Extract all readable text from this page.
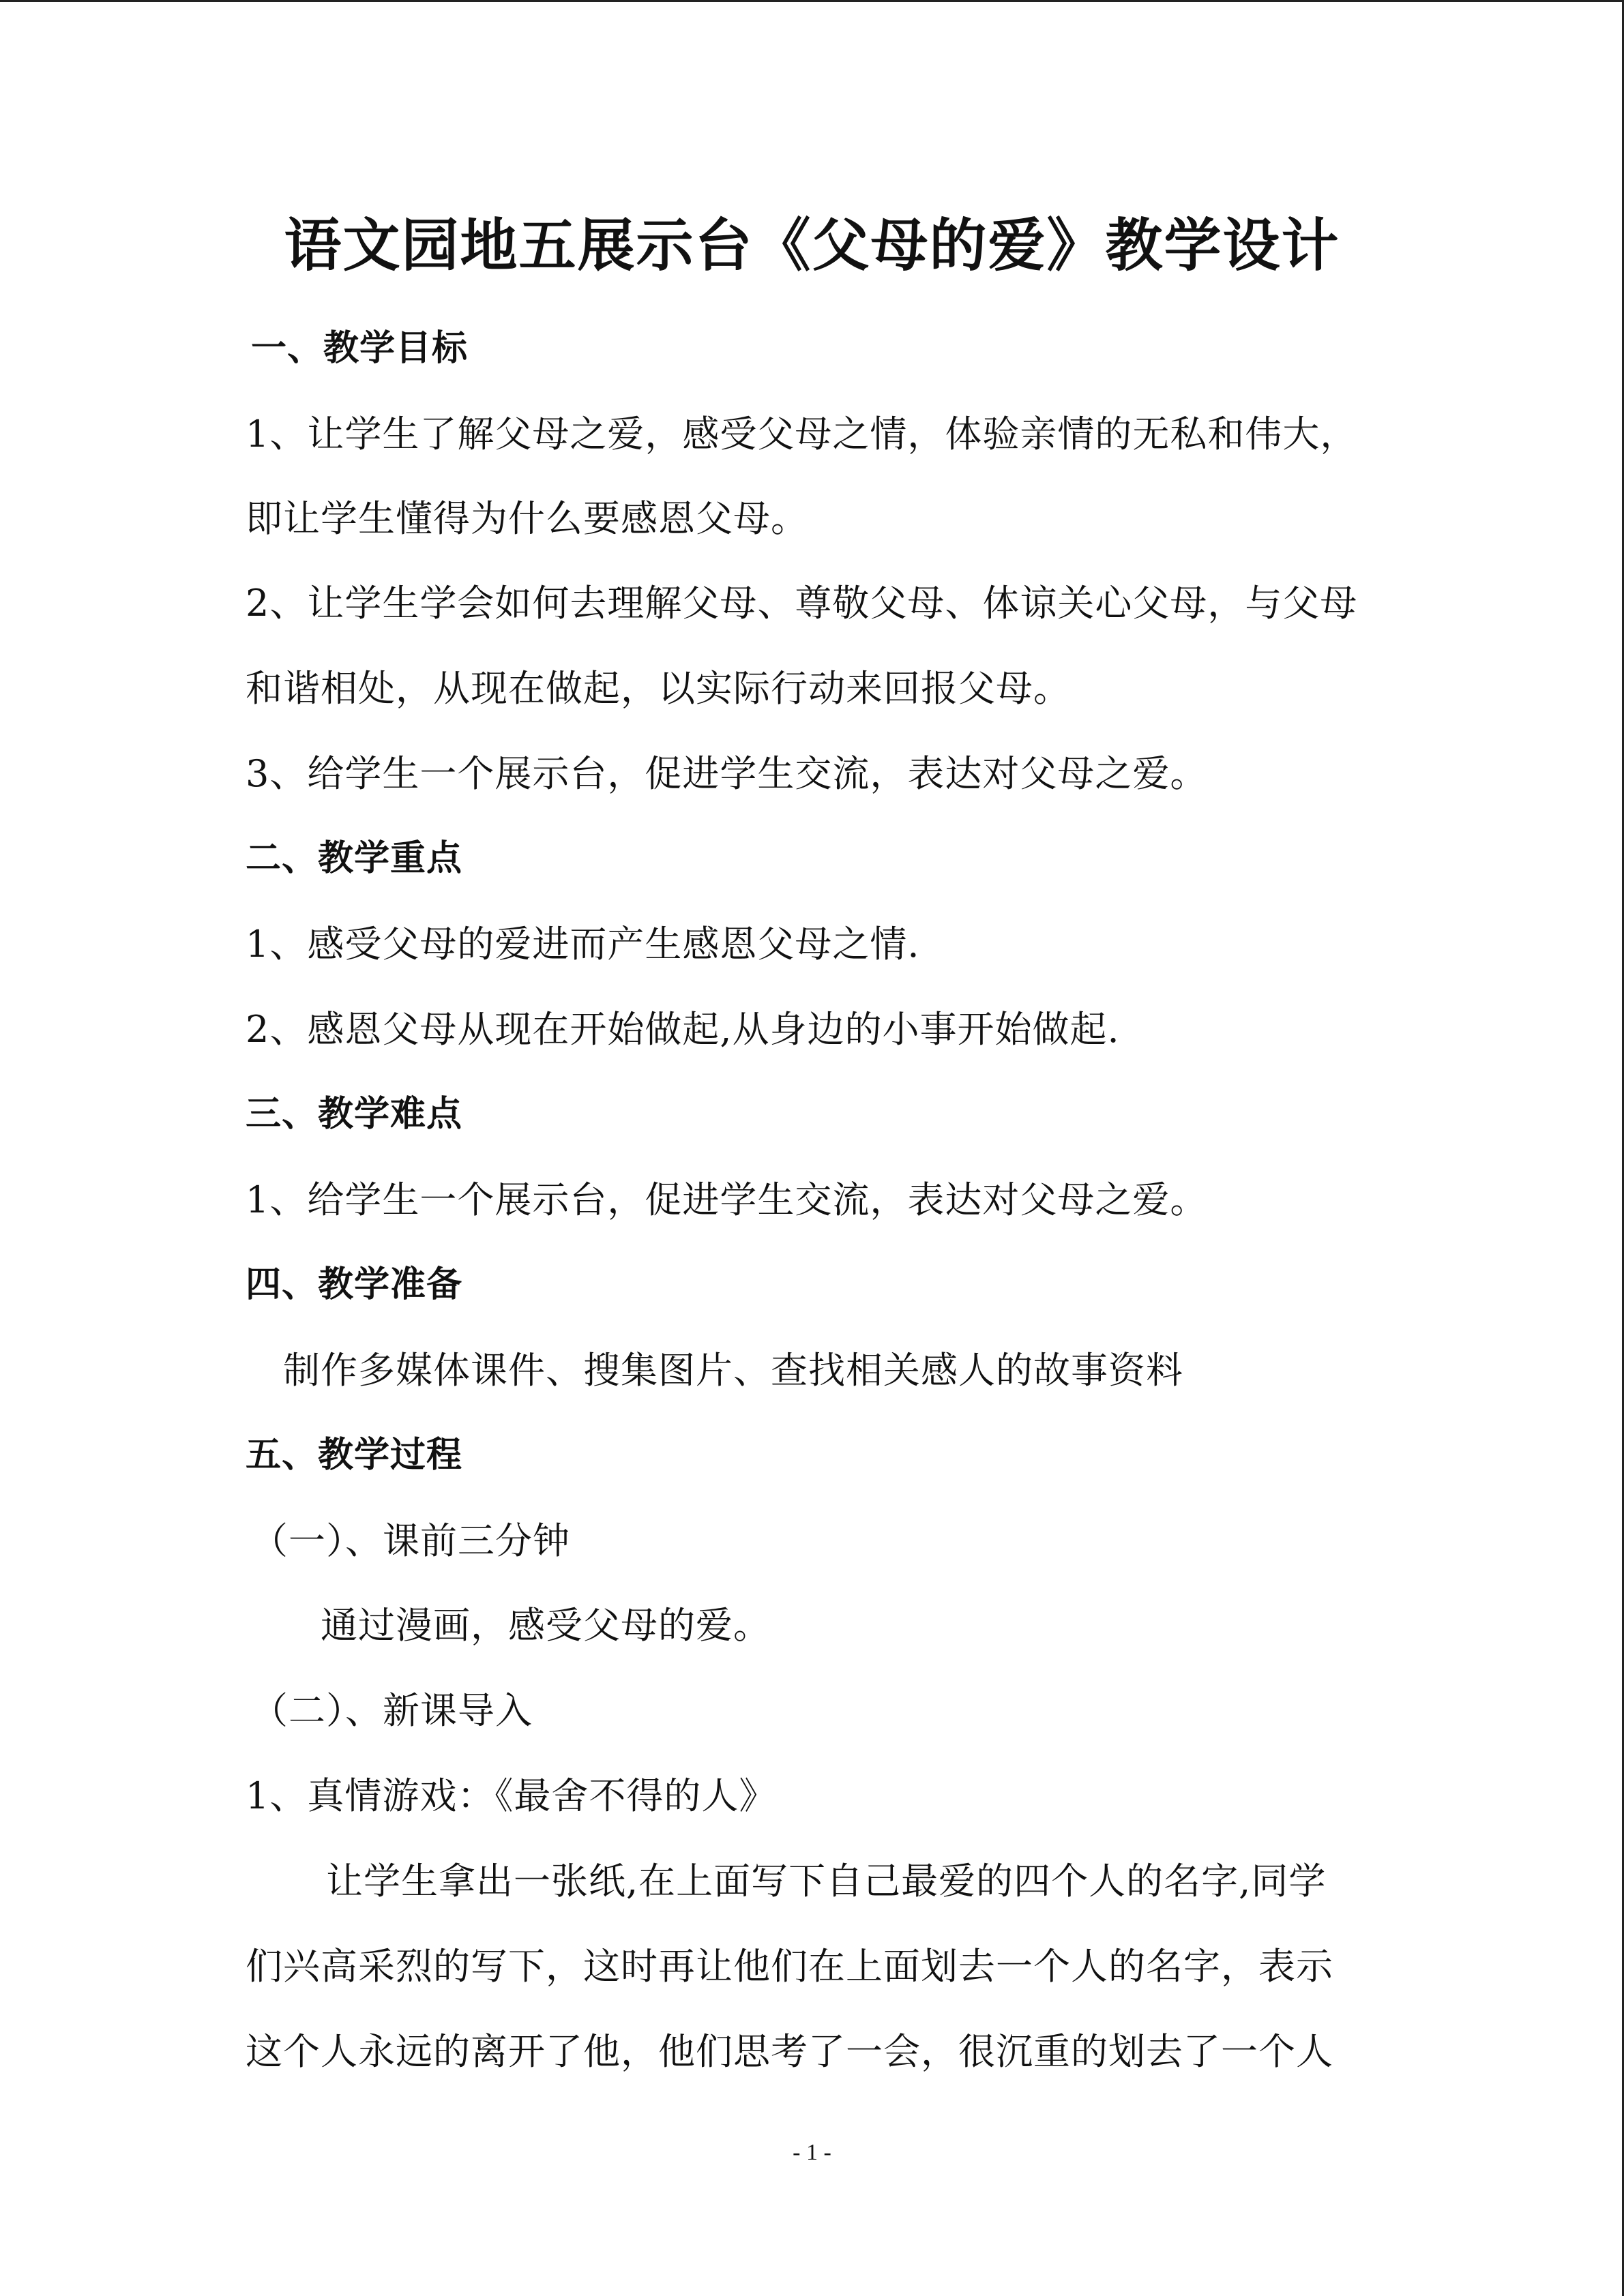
语文园地五展示台《父母的爱》教学设计
一、教学目标
1、让学生了解父母之爱，感受父母之情，体验亲情的无私和伟大，
即让学生懂得为什么要感恩父母。
2、让学生学会如何去理解父母、尊敬父母、体谅关心父母，与父母
和谐相处，从现在做起，以实际行动来回报父母。
3、给学生一个展示台，促进学生交流，表达对父母之爱。
二、教学重点
1、感受父母的爱进而产生感恩父母之情.
2、感恩父母从现在开始做起,从身边的小事开始做起.
三、教学难点
1、给学生一个展示台，促进学生交流，表达对父母之爱。
四、教学准备
制作多媒体课件、搜集图片、查找相关感人的故事资料
五、教学过程
（一）、课前三分钟
通过漫画，感受父母的爱。
（二）、新课导入
1、真情游戏：《最舍不得的人》
让学生拿出一张纸,在上面写下自己最爱的四个人的名字,同学
们兴高采烈的写下，这时再让他们在上面划去一个人的名字，表示
这个人永远的离开了他，他们思考了一会，很沉重的划去了一个人
- 1 -
